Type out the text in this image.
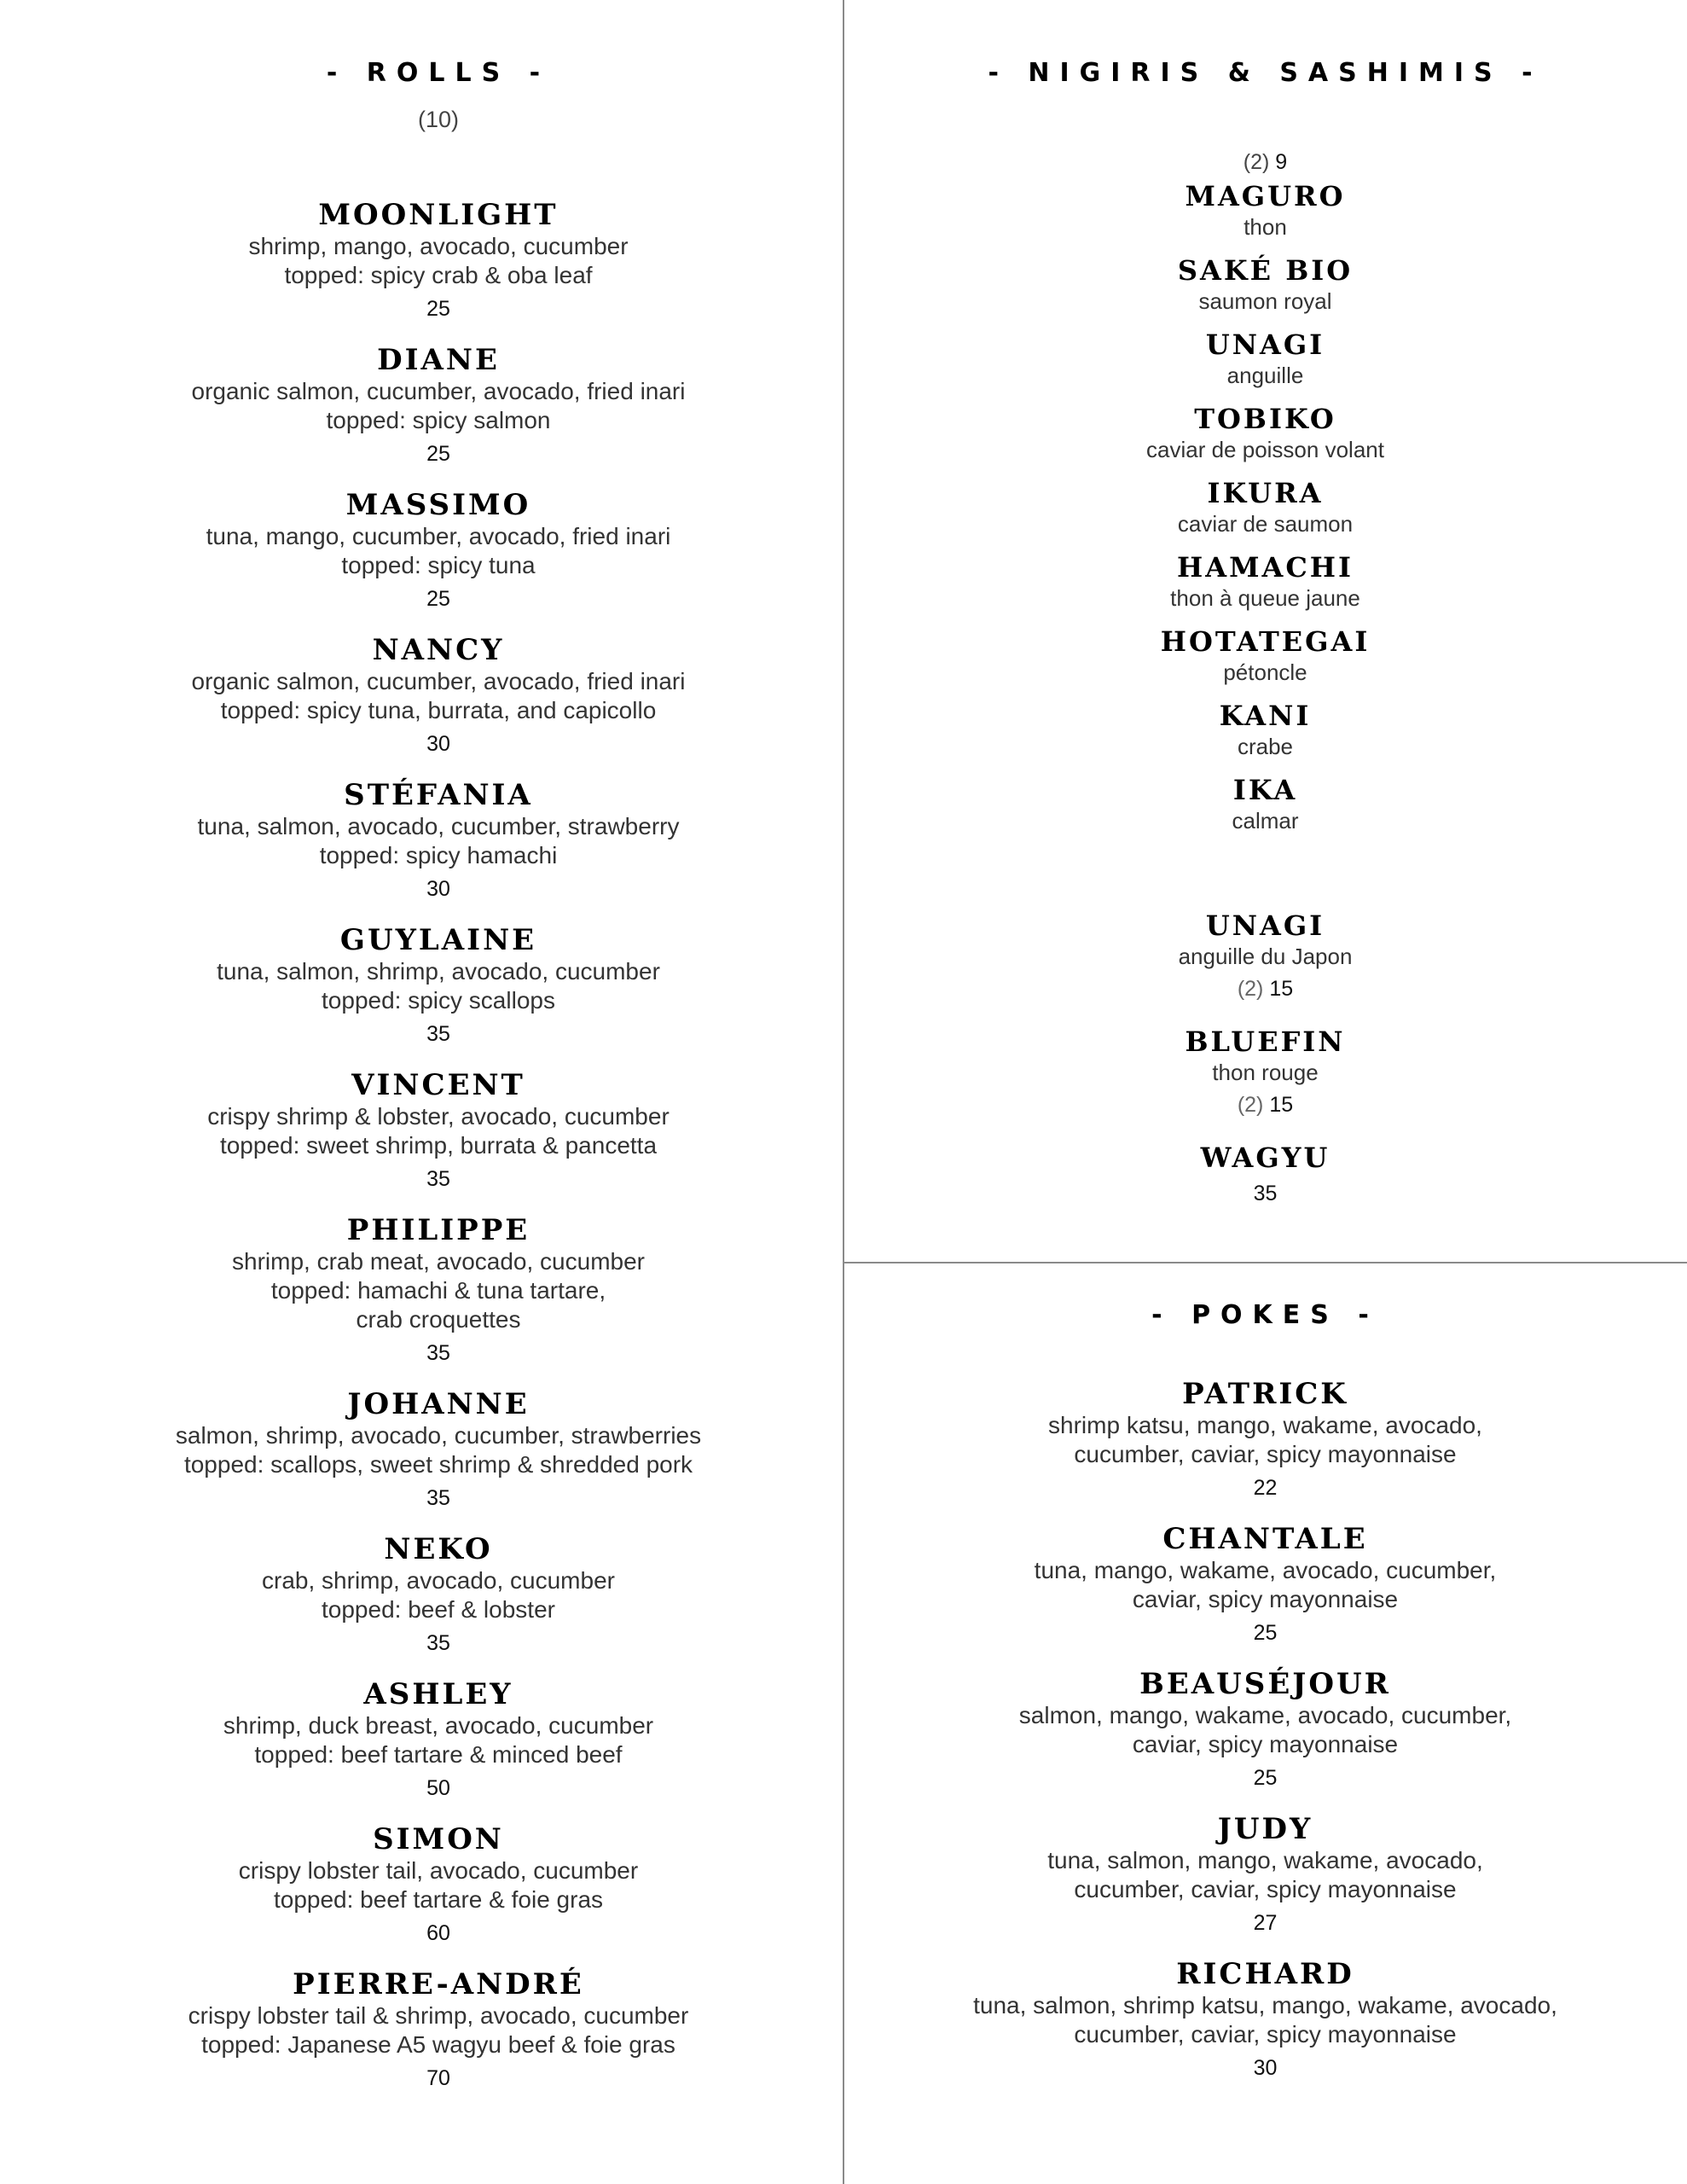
- ROLLS -
(10)
MOONLIGHT
shrimp, mango, avocado, cucumber
topped: spicy crab & oba leaf
25
DIANE
organic salmon, cucumber, avocado, fried inari
topped: spicy salmon
25
MASSIMO
tuna, mango, cucumber, avocado, fried inari
topped: spicy tuna
25
NANCY
organic salmon, cucumber, avocado, fried inari
topped: spicy tuna, burrata, and capicollo
30
STÉFANIA
tuna, salmon, avocado, cucumber, strawberry
topped: spicy hamachi
30
GUYLAINE
tuna, salmon, shrimp, avocado, cucumber
topped: spicy scallops
35
VINCENT
crispy shrimp & lobster, avocado, cucumber
topped: sweet shrimp, burrata & pancetta
35
PHILIPPE
shrimp, crab meat, avocado, cucumber
topped: hamachi & tuna tartare,
crab croquettes
35
JOHANNE
salmon, shrimp, avocado, cucumber, strawberries
topped: scallops, sweet shrimp & shredded pork
35
NEKO
crab, shrimp, avocado, cucumber
topped: beef & lobster
35
ASHLEY
shrimp, duck breast, avocado, cucumber
topped: beef tartare & minced beef
50
SIMON
crispy lobster tail, avocado, cucumber
topped: beef tartare & foie gras
60
PIERRE-ANDRÉ
crispy lobster tail & shrimp, avocado, cucumber
topped: Japanese A5 wagyu beef & foie gras
70
- NIGIRIS & SASHIMIS -
(2) 9
MAGURO
thon
SAKÉ BIO
saumon royal
UNAGI
anguille
TOBIKO
caviar de poisson volant
IKURA
caviar de saumon
HAMACHI
thon à queue jaune
HOTATEGAI
pétoncle
KANI
crabe
IKA
calmar
UNAGI
anguille du Japon
(2) 15
BLUEFIN
thon rouge
(2) 15
WAGYU
35
- POKES -
PATRICK
shrimp katsu, mango, wakame, avocado,
cucumber, caviar, spicy mayonnaise
22
CHANTALE
tuna, mango, wakame, avocado, cucumber,
caviar, spicy mayonnaise
25
BEAUSÉJOUR
salmon, mango, wakame, avocado, cucumber,
caviar, spicy mayonnaise
25
JUDY
tuna, salmon, mango, wakame, avocado,
cucumber, caviar, spicy mayonnaise
27
RICHARD
tuna, salmon, shrimp katsu, mango, wakame, avocado,
cucumber, caviar, spicy mayonnaise
30
